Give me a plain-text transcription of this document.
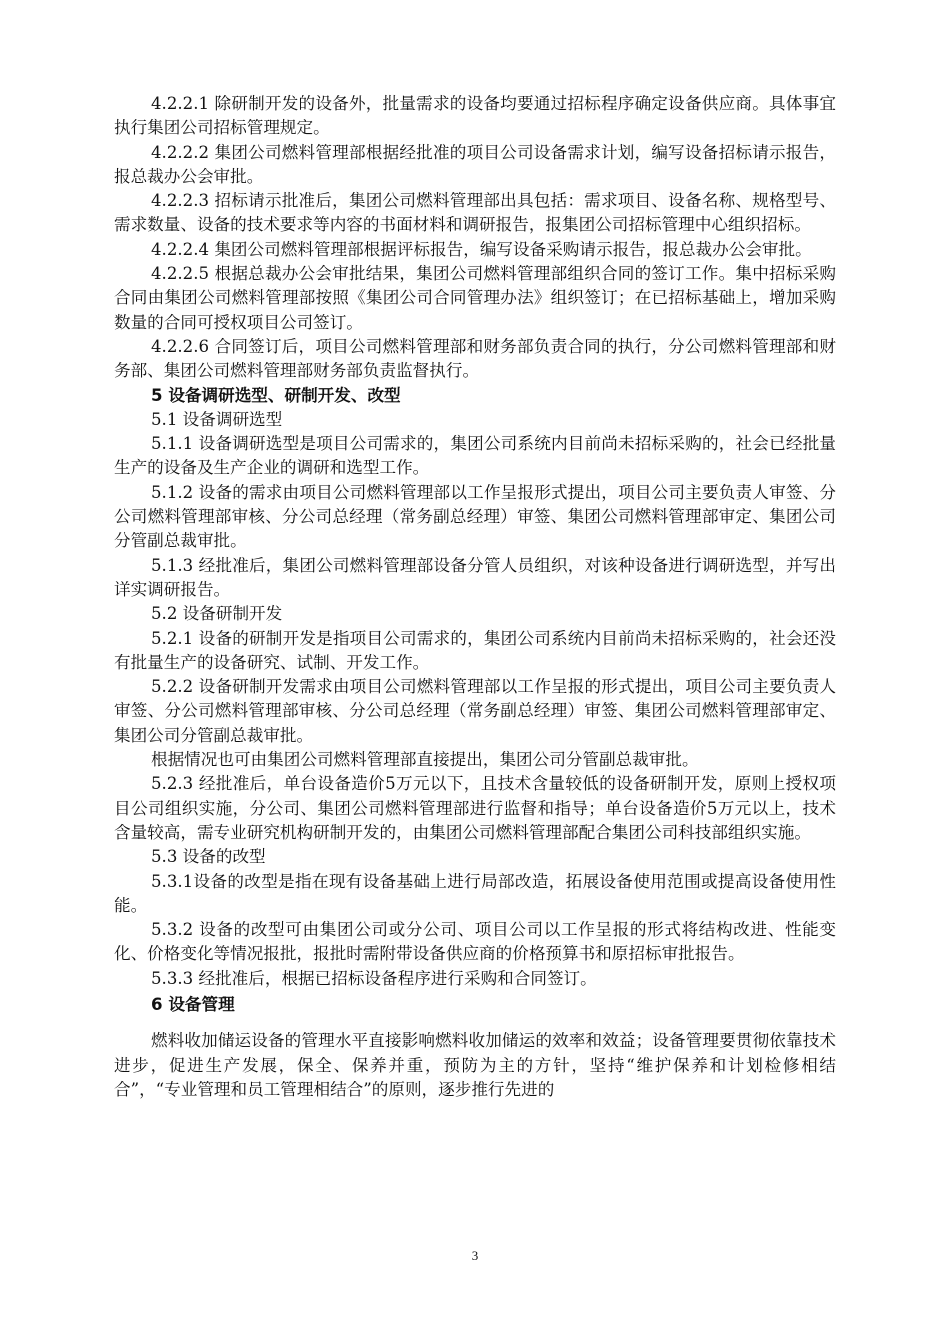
4.2.2.1 除研制开发的设备外，批量需求的设备均要通过招标程序确定设备供应商。具体事宜执行集团公司招标管理规定。

4.2.2.2 集团公司燃料管理部根据经批准的项目公司设备需求计划，编写设备招标请示报告，报总裁办公会审批。

4.2.2.3 招标请示批准后，集团公司燃料管理部出具包括：需求项目、设备名称、规格型号、需求数量、设备的技术要求等内容的书面材料和调研报告，报集团公司招标管理中心组织招标。

4.2.2.4 集团公司燃料管理部根据评标报告，编写设备采购请示报告，报总裁办公会审批。

4.2.2.5 根据总裁办公会审批结果，集团公司燃料管理部组织合同的签订工作。集中招标采购合同由集团公司燃料管理部按照《集团公司合同管理办法》组织签订；在已招标基础上，增加采购数量的合同可授权项目公司签订。

4.2.2.6 合同签订后，项目公司燃料管理部和财务部负责合同的执行，分公司燃料管理部和财务部、集团公司燃料管理部财务部负责监督执行。

5 设备调研选型、研制开发、改型

5.1 设备调研选型

5.1.1 设备调研选型是项目公司需求的，集团公司系统内目前尚未招标采购的，社会已经批量生产的设备及生产企业的调研和选型工作。

5.1.2 设备的需求由项目公司燃料管理部以工作呈报形式提出，项目公司主要负责人审签、分公司燃料管理部审核、分公司总经理（常务副总经理）审签、集团公司燃料管理部审定、集团公司分管副总裁审批。

5.1.3 经批准后，集团公司燃料管理部设备分管人员组织，对该种设备进行调研选型，并写出详实调研报告。

5.2 设备研制开发

5.2.1 设备的研制开发是指项目公司需求的，集团公司系统内目前尚未招标采购的，社会还没有批量生产的设备研究、试制、开发工作。

5.2.2 设备研制开发需求由项目公司燃料管理部以工作呈报的形式提出，项目公司主要负责人审签、分公司燃料管理部审核、分公司总经理（常务副总经理）审签、集团公司燃料管理部审定、集团公司分管副总裁审批。

根据情况也可由集团公司燃料管理部直接提出，集团公司分管副总裁审批。

5.2.3 经批准后，单台设备造价5万元以下，且技术含量较低的设备研制开发，原则上授权项目公司组织实施，分公司、集团公司燃料管理部进行监督和指导；单台设备造价5万元以上，技术含量较高，需专业研究机构研制开发的，由集团公司燃料管理部配合集团公司科技部组织实施。

5.3 设备的改型

5.3.1设备的改型是指在现有设备基础上进行局部改造，拓展设备使用范围或提高设备使用性能。

5.3.2 设备的改型可由集团公司或分公司、项目公司以工作呈报的形式将结构改进、性能变化、价格变化等情况报批，报批时需附带设备供应商的价格预算书和原招标审批报告。

5.3.3 经批准后，根据已招标设备程序进行采购和合同签订。

6 设备管理

燃料收加储运设备的管理水平直接影响燃料收加储运的效率和效益；设备管理要贯彻依靠技术进步，促进生产发展，保全、保养并重，预防为主的方针，坚持“维护保养和计划检修相结合”，“专业管理和员工管理相结合”的原则，逐步推行先进的

3
